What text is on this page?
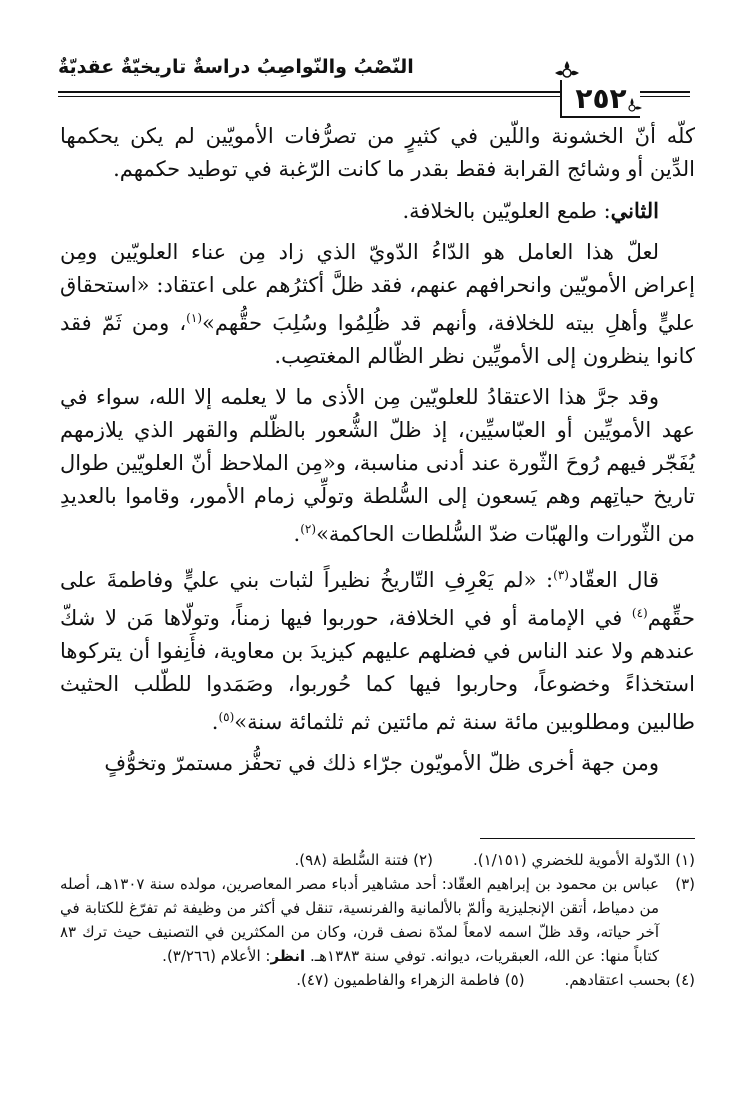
النّصْبُ والنّواصِبُ دراسةٌ تاريخيّةٌ عقديّةٌ
٢٥٢

كلّه أنّ الخشونة واللّين في كثيرٍ من تصرُّفات الأمويّين لم يكن يحكمها الدِّين أو وشائج القرابة فقط بقدر ما كانت الرّغبة في توطيد حكمهم.

الثاني: طمع العلويّين بالخلافة.

لعلّ هذا العامل هو الدّاءُ الدّويّ الذي زاد مِن عناء العلويّين ومِن إعراض الأمويّين وانحرافهم عنهم، فقد ظلَّ أكثرُهم على اعتقاد: «استحقاق عليٍّ وأهلِ بيته للخلافة، وأنهم قد ظُلِمُوا وسُلِبَ حقُّهم»$^{(١)}$، ومن ثَمّ فقد كانوا ينظرون إلى الأمويِّين نظر الظّالم المغتصِب.

وقد جرَّ هذا الاعتقادُ للعلويّين مِن الأذى ما لا يعلمه إلا الله، سواء في عهد الأمويِّين أو العبّاسيِّين، إذ ظلّ الشُّعور بالظّلم والقهر الذي يلازمهم يُفَجّر فيهم رُوحَ الثّورة عند أدنى مناسبة، و«مِن الملاحظ أنّ العلويّين طوال تاريخ حياتِهم وهم يَسعون إلى السُّلطة وتولِّي زمام الأمور، وقاموا بالعديدِ من الثّورات والهبّات ضدّ السُّلطات الحاكمة»$^{(٢)}$.

قال العقّاد$^{(٣)}$: «لم يَعْرِفِ التّاريخُ نظيراً لثبات بني عليٍّ وفاطمةَ على حقِّهم$^{(٤)}$ في الإمامة أو في الخلافة، حوربوا فيها زمناً، وتولّاها مَن لا شكّ عندهم ولا عند الناس في فضلهم عليهم كيزيدَ بن معاوية، فأَنِفوا أن يتركوها استخذاءً وخضوعاً، وحاربوا فيها كما حُوربوا، وصَمَدوا للطّلب الحثيث طالبين ومطلوبين مائة سنة ثم مائتين ثم ثلثمائة سنة»$^{(٥)}$.

ومن جهة أخرى ظلّ الأمويّون جرّاء ذلك في تحفُّز مستمرّ وتخوُّفٍ

(١) الدّولة الأموية للخضري (١/١٥١).
(٢) فتنة السُّلطة (٩٨).
(٣)
عباس بن محمود بن إبراهيم العقّاد: أحد مشاهير أدباء مصر المعاصرين، مولده سنة ١٣٠٧هـ، أصله من دمياط، أتقن الإنجليزية وألمّ بالألمانية والفرنسية، تنقل في أكثر من وظيفة ثم تفرّغ للكتابة في آخر حياته، وقد ظلّ اسمه لامعاً لمدّة نصف قرن، وكان من المكثرين في التصنيف حيث ترك ٨٣ كتاباً منها: عن الله، العبقريات، ديوانه. توفي سنة ١٣٨٣هـ. انظر: الأعلام (٣/٢٦٦).
(٤) بحسب اعتقادهم.
(٥) فاطمة الزهراء والفاطميون (٤٧).
